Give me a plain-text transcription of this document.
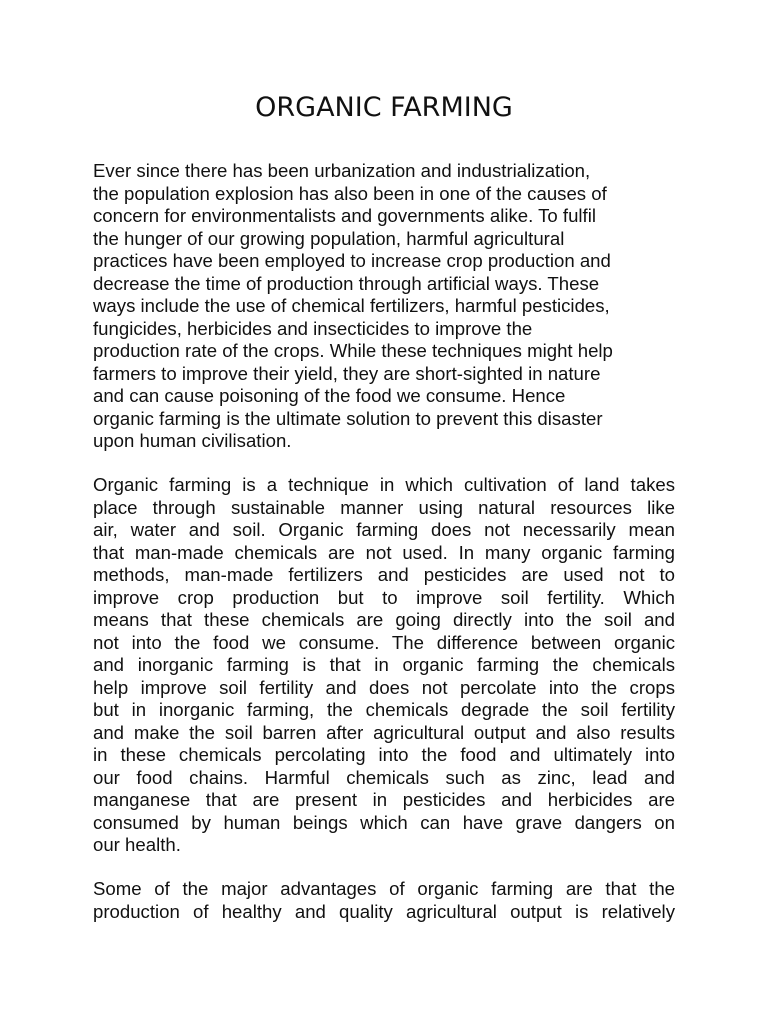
ORGANIC FARMING

Ever since there has been urbanization and industrialization,
the population explosion has also been in one of the causes of
concern for environmentalists and governments alike. To fulfil
the hunger of our growing population, harmful agricultural
practices have been employed to increase crop production and
decrease the time of production through artificial ways. These
ways include the use of chemical fertilizers, harmful pesticides,
fungicides, herbicides and insecticides to improve the
production rate of the crops. While these techniques might help
farmers to improve their yield, they are short-sighted in nature
and can cause poisoning of the food we consume. Hence
organic farming is the ultimate solution to prevent this disaster
upon human civilisation.

Organic farming is a technique in which cultivation of land takes
place through sustainable manner using natural resources like
air, water and soil. Organic farming does not necessarily mean
that man-made chemicals are not used. In many organic farming
methods, man-made fertilizers and pesticides are used not to
improve crop production but to improve soil fertility. Which
means that these chemicals are going directly into the soil and
not into the food we consume. The difference between organic
and inorganic farming is that in organic farming the chemicals
help improve soil fertility and does not percolate into the crops
but in inorganic farming, the chemicals degrade the soil fertility
and make the soil barren after agricultural output and also results
in these chemicals percolating into the food and ultimately into
our food chains. Harmful chemicals such as zinc, lead and
manganese that are present in pesticides and herbicides are
consumed by human beings which can have grave dangers on
our health.

Some of the major advantages of organic farming are that the
production of healthy and quality agricultural output is relatively
